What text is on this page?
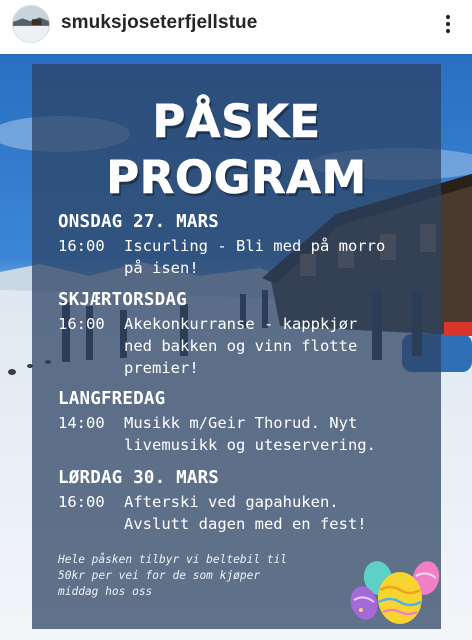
smuksjoseterfjellstue
PÅSKE
PROGRAM
ONSDAG 27. MARS
16:00 Iscurling - Bli med på morro
på isen!
SKJÆRTORSDAG
16:00 Akekonkurranse - kappkjør
ned bakken og vinn flotte
premier!
LANGFREDAG
14:00 Musikk m/Geir Thorud. Nyt
livemusikk og uteservering.
LØRDAG 30. MARS
16:00 Afterski ved gapahuken.
Avslutt dagen med en fest!
Hele påsken tilbyr vi beltebil til
50kr per vei for de som kjøper
middag hos oss
